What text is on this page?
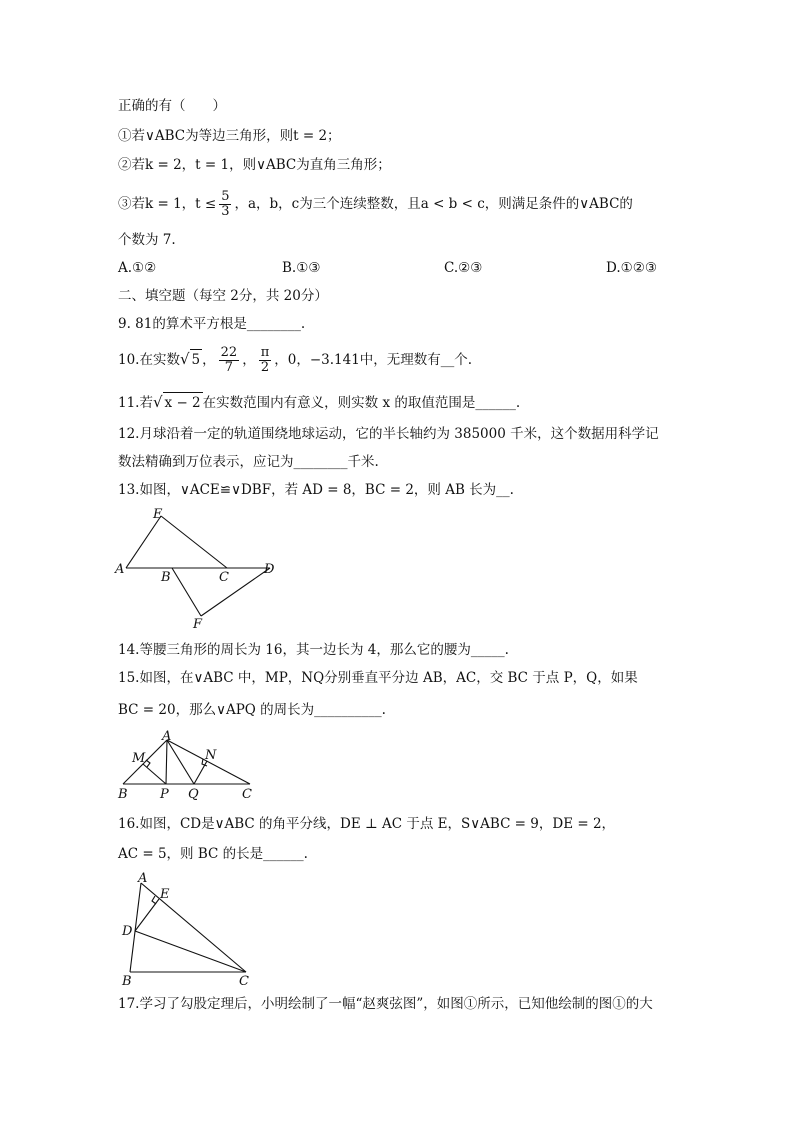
正确的有（　　）
①若∨ABC为等边三角形，则t = 2；
②若k = 2，t = 1，则∨ABC为直角三角形；
③若k = 1，$t \le \frac{5}{3}$ ，a，b，c为三个连续整数，且a < b < c，则满足条件的∨ABC的
个数为 7.
A.①②	B.①③	C.②③	D.①②③
二、填空题（每空 2分，共 20分）
9. 81的算术平方根是________.
10.在实数√ 5 ， $\frac{22}{7}$ ， $\frac{\pi}{2}$ ，0，−3.141中，无理数有__个.
11.若√ x − 2 在实数范围内有意义，则实数 x 的取值范围是______.
12.月球沿着一定的轨道围绕地球运动，它的半长轴约为 385000 千米，这个数据用科学记
数法精确到万位表示，应记为________千米.
13.如图，∨ACE≌∨DBF，若 AD = 8，BC = 2，则 AB 长为__.
E
A
B	C
D
F
14.等腰三角形的周长为 16，其一边长为 4，那么它的腰为_____.
15.如图，在∨ABC 中，MP，NQ分别垂直平分边 AB，AC，交 BC 于点 P，Q，如果
BC = 20，那么∨APQ 的周长为__________.
A
M	N
B P Q	C
16.如图，CD是∨ABC 的角平分线，DE ⊥ AC 于点 E，S∨ABC = 9，DE = 2，
AC = 5，则 BC 的长是______.
A
E
D
B	C
17.学习了勾股定理后，小明绘制了一幅“赵爽弦图”，如图①所示，已知他绘制的图①的大
